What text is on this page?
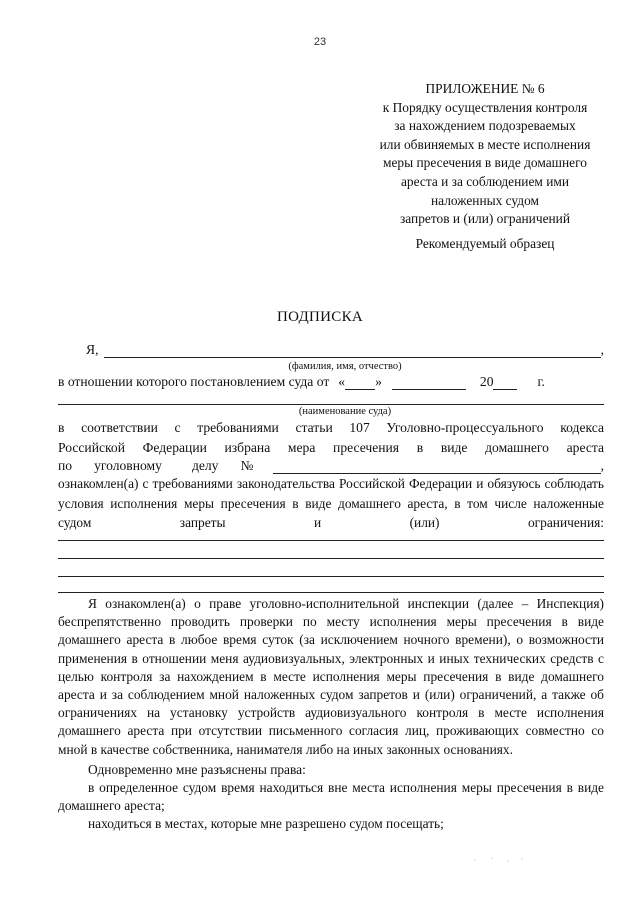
23

ПРИЛОЖЕНИЕ № 6

к Порядку осуществления контроля

за нахождением подозреваемых

или обвиняемых в месте исполнения

меры пресечения в виде домашнего

ареста и за соблюдением ими

наложенных судом

запретов и (или) ограничений

Рекомендуемый образец
ПОДПИСКА
Я,	,
(фамилия, имя, отчество)
в отношении которого постановлением суда от « »	20	г.
(наименование суда)
в соответствии с требованиями статьи 107 Уголовно-процессуального кодекса
Российской Федерации избрана мера пресечения в виде домашнего ареста
по уголовному делу №	,
ознакомлен(а) с требованиями законодательства Российской Федерации и обязуюсь соблюдать условия исполнения меры пресечения в виде домашнего ареста, в том числе наложенные судом запреты и (или) ограничения:

Я ознакомлен(а) о праве уголовно-исполнительной инспекции (далее – Инспекция) беспрепятственно проводить проверки по месту исполнения меры пресечения в виде домашнего ареста в любое время суток (за исключением ночного времени), о возможности применения в отношении меня аудиовизуальных, электронных и иных технических средств с целью контроля за нахождением в месте исполнения меры пресечения в виде домашнего ареста и за соблюдением мной наложенных судом запретов и (или) ограничений, а также об ограничениях на установку устройств аудиовизуального контроля в месте исполнения домашнего ареста при отсутствии письменного согласия лиц, проживающих совместно со мной в качестве собственника, нанимателя либо на иных законных основаниях.

Одновременно мне разъяснены права:

в определенное судом время находиться вне места исполнения меры пресечения в виде домашнего ареста;

находиться в местах, которые мне разрешено судом посещать;
